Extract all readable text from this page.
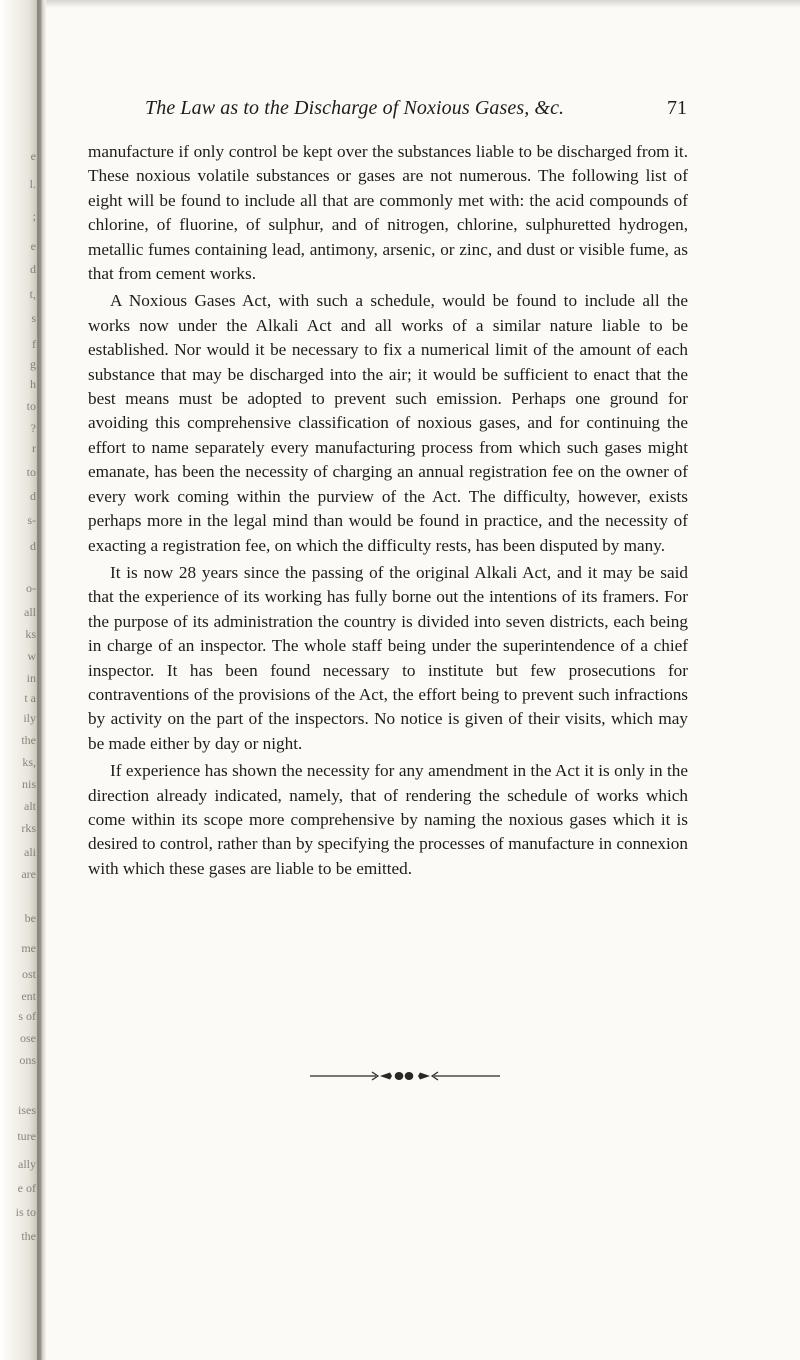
e
l.
;
e
d
t,
s
f
g
h
to
?
r
to
d
s-
d
o-
all
ks
w
in
t a
ily
the
ks,
nis
alt
rks
ali
are
be
me
ost
ent
s of
ose
ons
ises
ture
ally
e of
is to
the
The Law as to the Discharge of Noxious Gases, &c.	71

manufacture if only control be kept over the substances liable to be discharged from it. These noxious volatile substances or gases are not numerous. The following list of eight will be found to include all that are commonly met with: the acid compounds of chlorine, of fluorine, of sulphur, and of nitrogen, chlorine, sulphuretted hydrogen, metallic fumes containing lead, antimony, arsenic, or zinc, and dust or visible fume, as that from cement works.

A Noxious Gases Act, with such a schedule, would be found to include all the works now under the Alkali Act and all works of a similar nature liable to be established. Nor would it be necessary to fix a numerical limit of the amount of each substance that may be discharged into the air; it would be sufficient to enact that the best means must be adopted to prevent such emission. Perhaps one ground for avoiding this comprehensive classification of noxious gases, and for continuing the effort to name separately every manufacturing process from which such gases might emanate, has been the necessity of charging an annual registration fee on the owner of every work coming within the purview of the Act. The difficulty, however, exists perhaps more in the legal mind than would be found in practice, and the necessity of exacting a registration fee, on which the difficulty rests, has been disputed by many.

It is now 28 years since the passing of the original Alkali Act, and it may be said that the experience of its working has fully borne out the intentions of its framers. For the purpose of its administration the country is divided into seven districts, each being in charge of an inspector. The whole staff being under the superintendence of a chief inspector. It has been found necessary to institute but few prosecutions for contraventions of the provisions of the Act, the effort being to prevent such infractions by activity on the part of the inspectors. No notice is given of their visits, which may be made either by day or night.

If experience has shown the necessity for any amendment in the Act it is only in the direction already indicated, namely, that of rendering the schedule of works which come within its scope more comprehensive by naming the noxious gases which it is desired to control, rather than by specifying the processes of manufacture in connexion with which these gases are liable to be emitted.
